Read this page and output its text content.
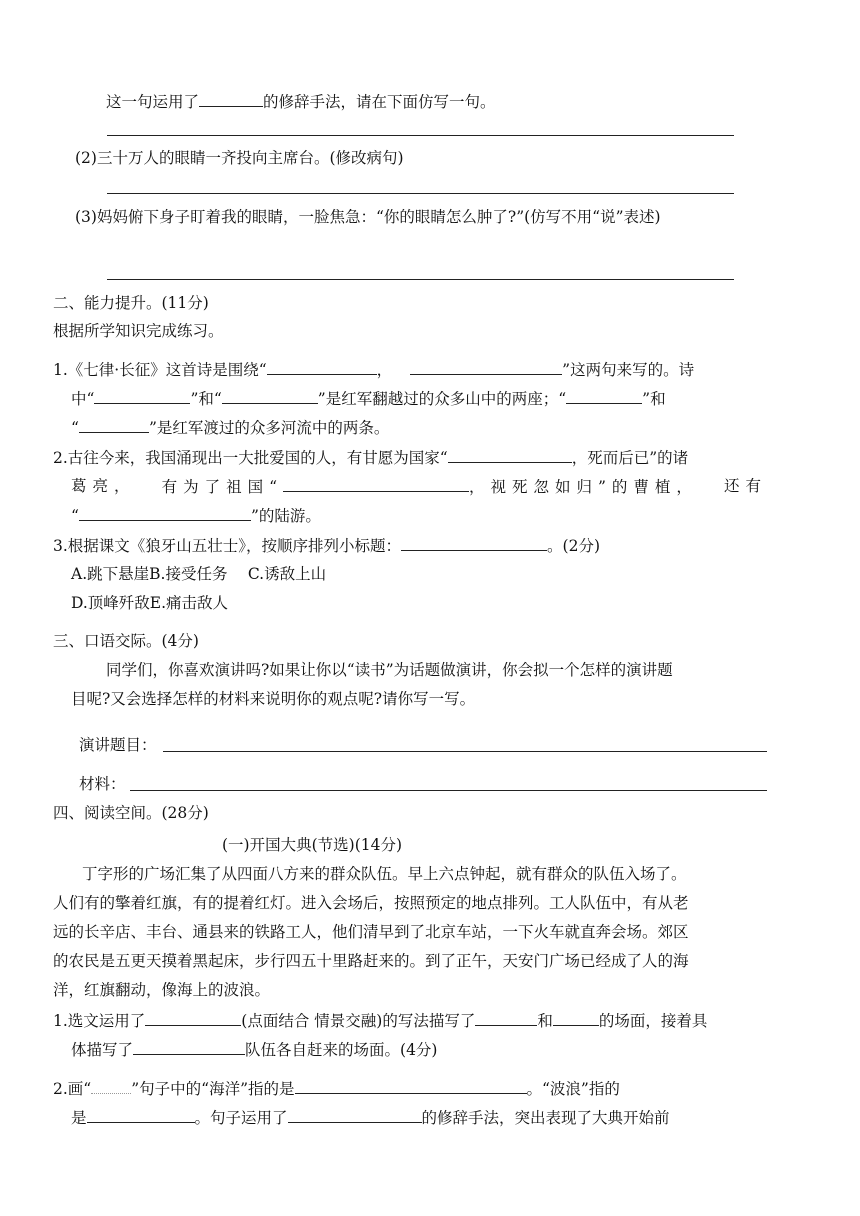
这一句运用了	的修辞手法，请在下面仿写一句。
(2)三十万人的眼睛一齐投向主席台。(修改病句)
(3)妈妈俯下身子盯着我的眼睛，一脸焦急：“你的眼睛怎么肿了?”(仿写不用“说”表述)
二、能力提升。(11分)
根据所学知识完成练习。
1.《七律·长征》这首诗是围绕“	，	”这两句来写的。诗
中“	”和“	”是红军翻越过的众多山中的两座；“	”和
“	”是红军渡过的众多河流中的两条。
2.古往今来，我国涌现出一大批爱国的人，有甘愿为国家“	，死而后已”的诸
葛亮， 有为了祖国“	，视死忽如归”的曹植， 还有
“	”的陆游。
3.根据课文《狼牙山五壮士》，按顺序排列小标题：	。(2分)
A.跳下悬崖B.接受任务　 C.诱敌上山
D.顶峰歼敌E.痛击敌人
三、口语交际。(4分)
同学们，你喜欢演讲吗?如果让你以“读书”为话题做演讲，你会拟一个怎样的演讲题
目呢?又会选择怎样的材料来说明你的观点呢?请你写一写。
演讲题目：
材料：
四、阅读空间。(28分)
(一)开国大典(节选)(14分)
丁字形的广场汇集了从四面八方来的群众队伍。早上六点钟起，就有群众的队伍入场了。
人们有的擎着红旗，有的提着红灯。进入会场后，按照预定的地点排列。工人队伍中，有从老
远的长辛店、丰台、通县来的铁路工人，他们清早到了北京车站，一下火车就直奔会场。郊区
的农民是五更天摸着黑起床，步行四五十里路赶来的。到了正午，天安门广场已经成了人的海
洋，红旗翻动，像海上的波浪。
1.选文运用了	(点面结合 情景交融)的写法描写了	和	的场面，接着具
体描写了	队伍各自赶来的场面。(4分)
2.画“	”句子中的“海洋”指的是	。“波浪”指的
是	。句子运用了	的修辞手法，突出表现了大典开始前
